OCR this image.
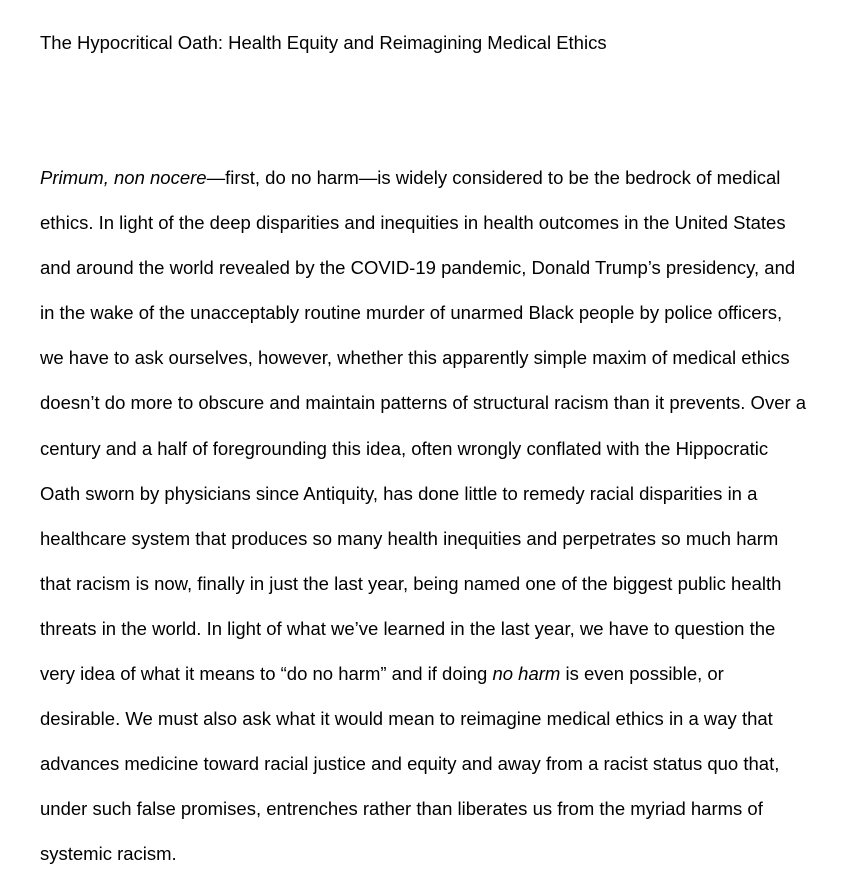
The Hypocritical Oath: Health Equity and Reimagining Medical Ethics
Primum, non nocere—first, do no harm—is widely considered to be the bedrock of medical
ethics. In light of the deep disparities and inequities in health outcomes in the United States
and around the world revealed by the COVID-19 pandemic, Donald Trump’s presidency, and
in the wake of the unacceptably routine murder of unarmed Black people by police officers,
we have to ask ourselves, however, whether this apparently simple maxim of medical ethics
doesn’t do more to obscure and maintain patterns of structural racism than it prevents. Over a
century and a half of foregrounding this idea, often wrongly conflated with the Hippocratic
Oath sworn by physicians since Antiquity, has done little to remedy racial disparities in a
healthcare system that produces so many health inequities and perpetrates so much harm
that racism is now, finally in just the last year, being named one of the biggest public health
threats in the world. In light of what we’ve learned in the last year, we have to question the
very idea of what it means to “do no harm” and if doing no harm is even possible, or
desirable. We must also ask what it would mean to reimagine medical ethics in a way that
advances medicine toward racial justice and equity and away from a racist status quo that,
under such false promises, entrenches rather than liberates us from the myriad harms of
systemic racism.
